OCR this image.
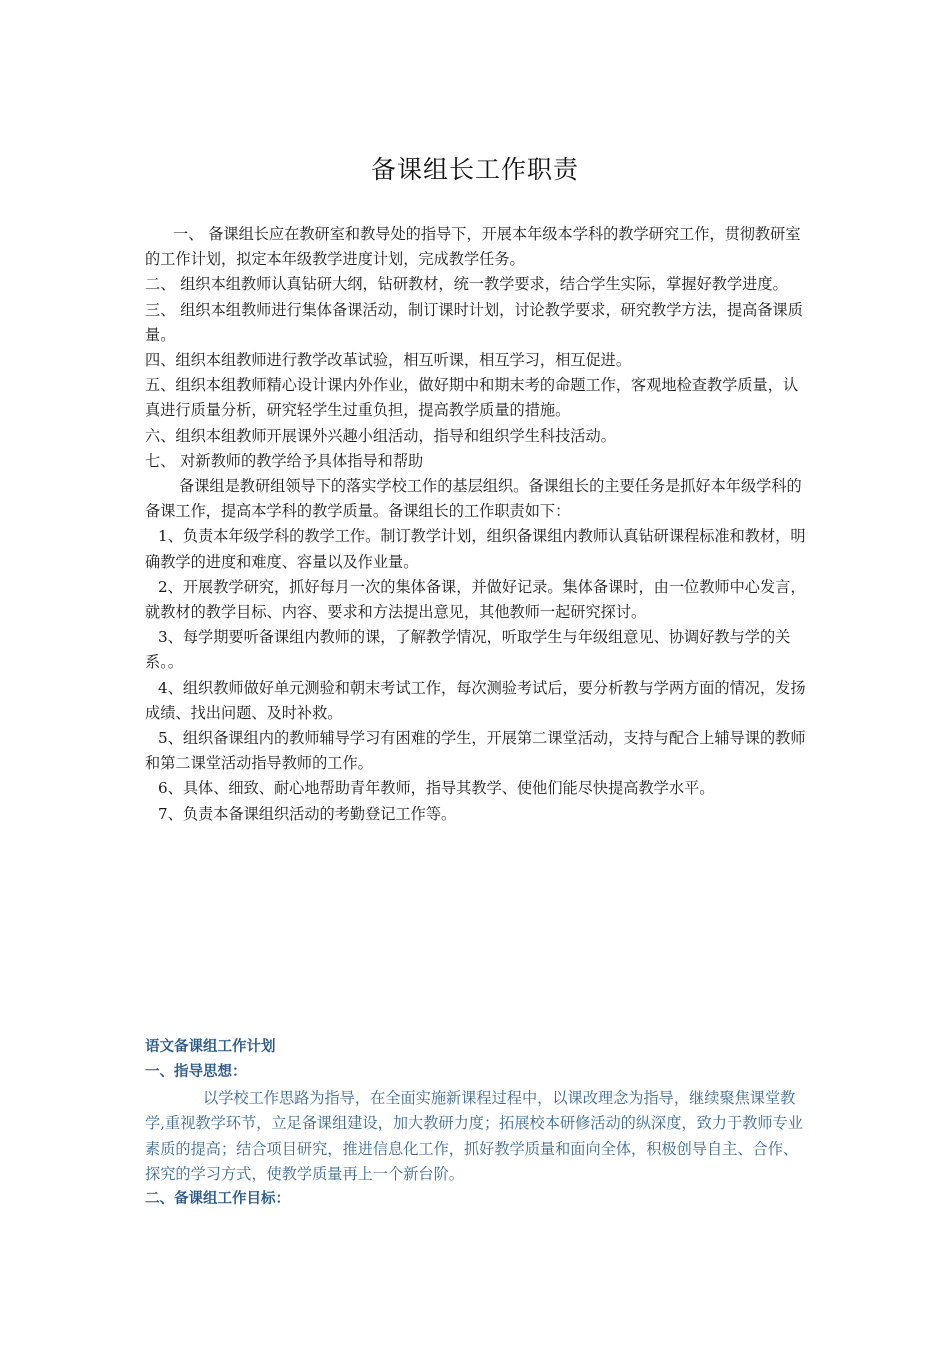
备课组长工作职责

一、 备课组长应在教研室和教导处的指导下，开展本年级本学科的教学研究工作，贯彻教研室的工作计划，拟定本年级教学进度计划，完成教学任务。

二、 组织本组教师认真钻研大纲，钻研教材，统一教学要求，结合学生实际，掌握好教学进度。

三、 组织本组教师进行集体备课活动，制订课时计划，讨论教学要求，研究教学方法，提高备课质量。

四、组织本组教师进行教学改革试验，相互听课，相互学习，相互促进。

五、组织本组教师精心设计课内外作业，做好期中和期末考的命题工作，客观地检查教学质量，认真进行质量分析，研究轻学生过重负担，提高教学质量的措施。

六、组织本组教师开展课外兴趣小组活动，指导和组织学生科技活动。

七、 对新教师的教学给予具体指导和帮助

备课组是教研组领导下的落实学校工作的基层组织。备课组长的主要任务是抓好本年级学科的备课工作，提高本学科的教学质量。备课组长的工作职责如下：

1、负责本年级学科的教学工作。制订教学计划，组织备课组内教师认真钻研课程标准和教材，明确教学的进度和难度、容量以及作业量。

2、开展教学研究，抓好每月一次的集体备课，并做好记录。集体备课时，由一位教师中心发言，就教材的教学目标、内容、要求和方法提出意见，其他教师一起研究探讨。

3、每学期要听备课组内教师的课，了解教学情况，听取学生与年级组意见、协调好教与学的关系。。

4、组织教师做好单元测验和朝末考试工作，每次测验考试后，要分析教与学两方面的情况，发扬成绩、找出问题、及时补救。

5、组织备课组内的教师辅导学习有困难的学生，开展第二课堂活动，支持与配合上辅导课的教师和第二课堂活动指导教师的工作。

6、具体、细致、耐心地帮助青年教师，指导其教学、使他们能尽快提高教学水平。

7、负责本备课组织活动的考勤登记工作等。

语文备课组工作计划

一、指导思想：

以学校工作思路为指导，在全面实施新课程过程中，以课改理念为指导，继续聚焦课堂教学,重视教学环节，立足备课组建设，加大教研力度；拓展校本研修活动的纵深度，致力于教师专业素质的提高；结合项目研究，推进信息化工作，抓好教学质量和面向全体，积极创导自主、合作、探究的学习方式，使教学质量再上一个新台阶。

二、备课组工作目标：
